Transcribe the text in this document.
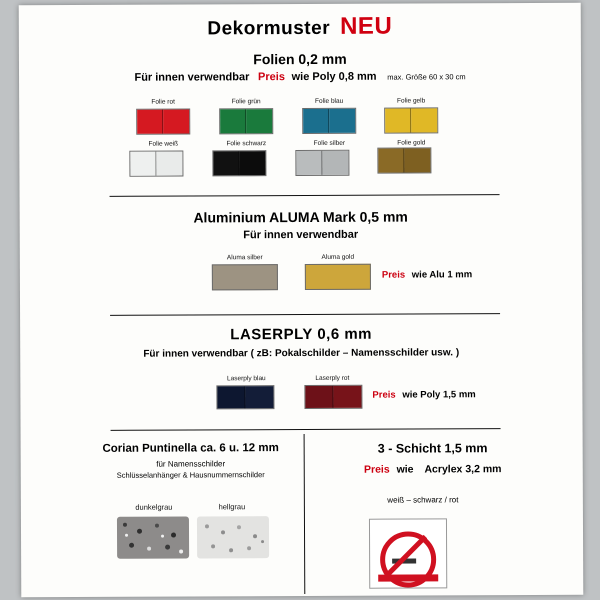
Dekormuster NEU
Folien 0,2 mm
Für innen verwendbar Preis wie Poly 0,8 mm max. Größe 60 x 30 cm
Folie rot	Folie grün	Folie blau	Folie gelb
Folie weiß	Folie schwarz	Folie silber	Folie gold
Aluminium ALUMA Mark 0,5 mm
Für innen verwendbar
Aluma silber	Aluma gold
Preis wie Alu 1 mm
LASERPLY 0,6 mm
Für innen verwendbar ( zB: Pokalschilder – Namensschilder usw. )
Laserply blau	Laserply rot
Preis wie Poly 1,5 mm
Corian Puntinella ca. 6 u. 12 mm
für Namensschilder
Schlüsselanhänger & Hausnummernschilder
dunkelgrau	hellgrau
3 - Schicht 1,5 mm
Preis wie Acrylex 3,2 mm
weiß – schwarz / rot
